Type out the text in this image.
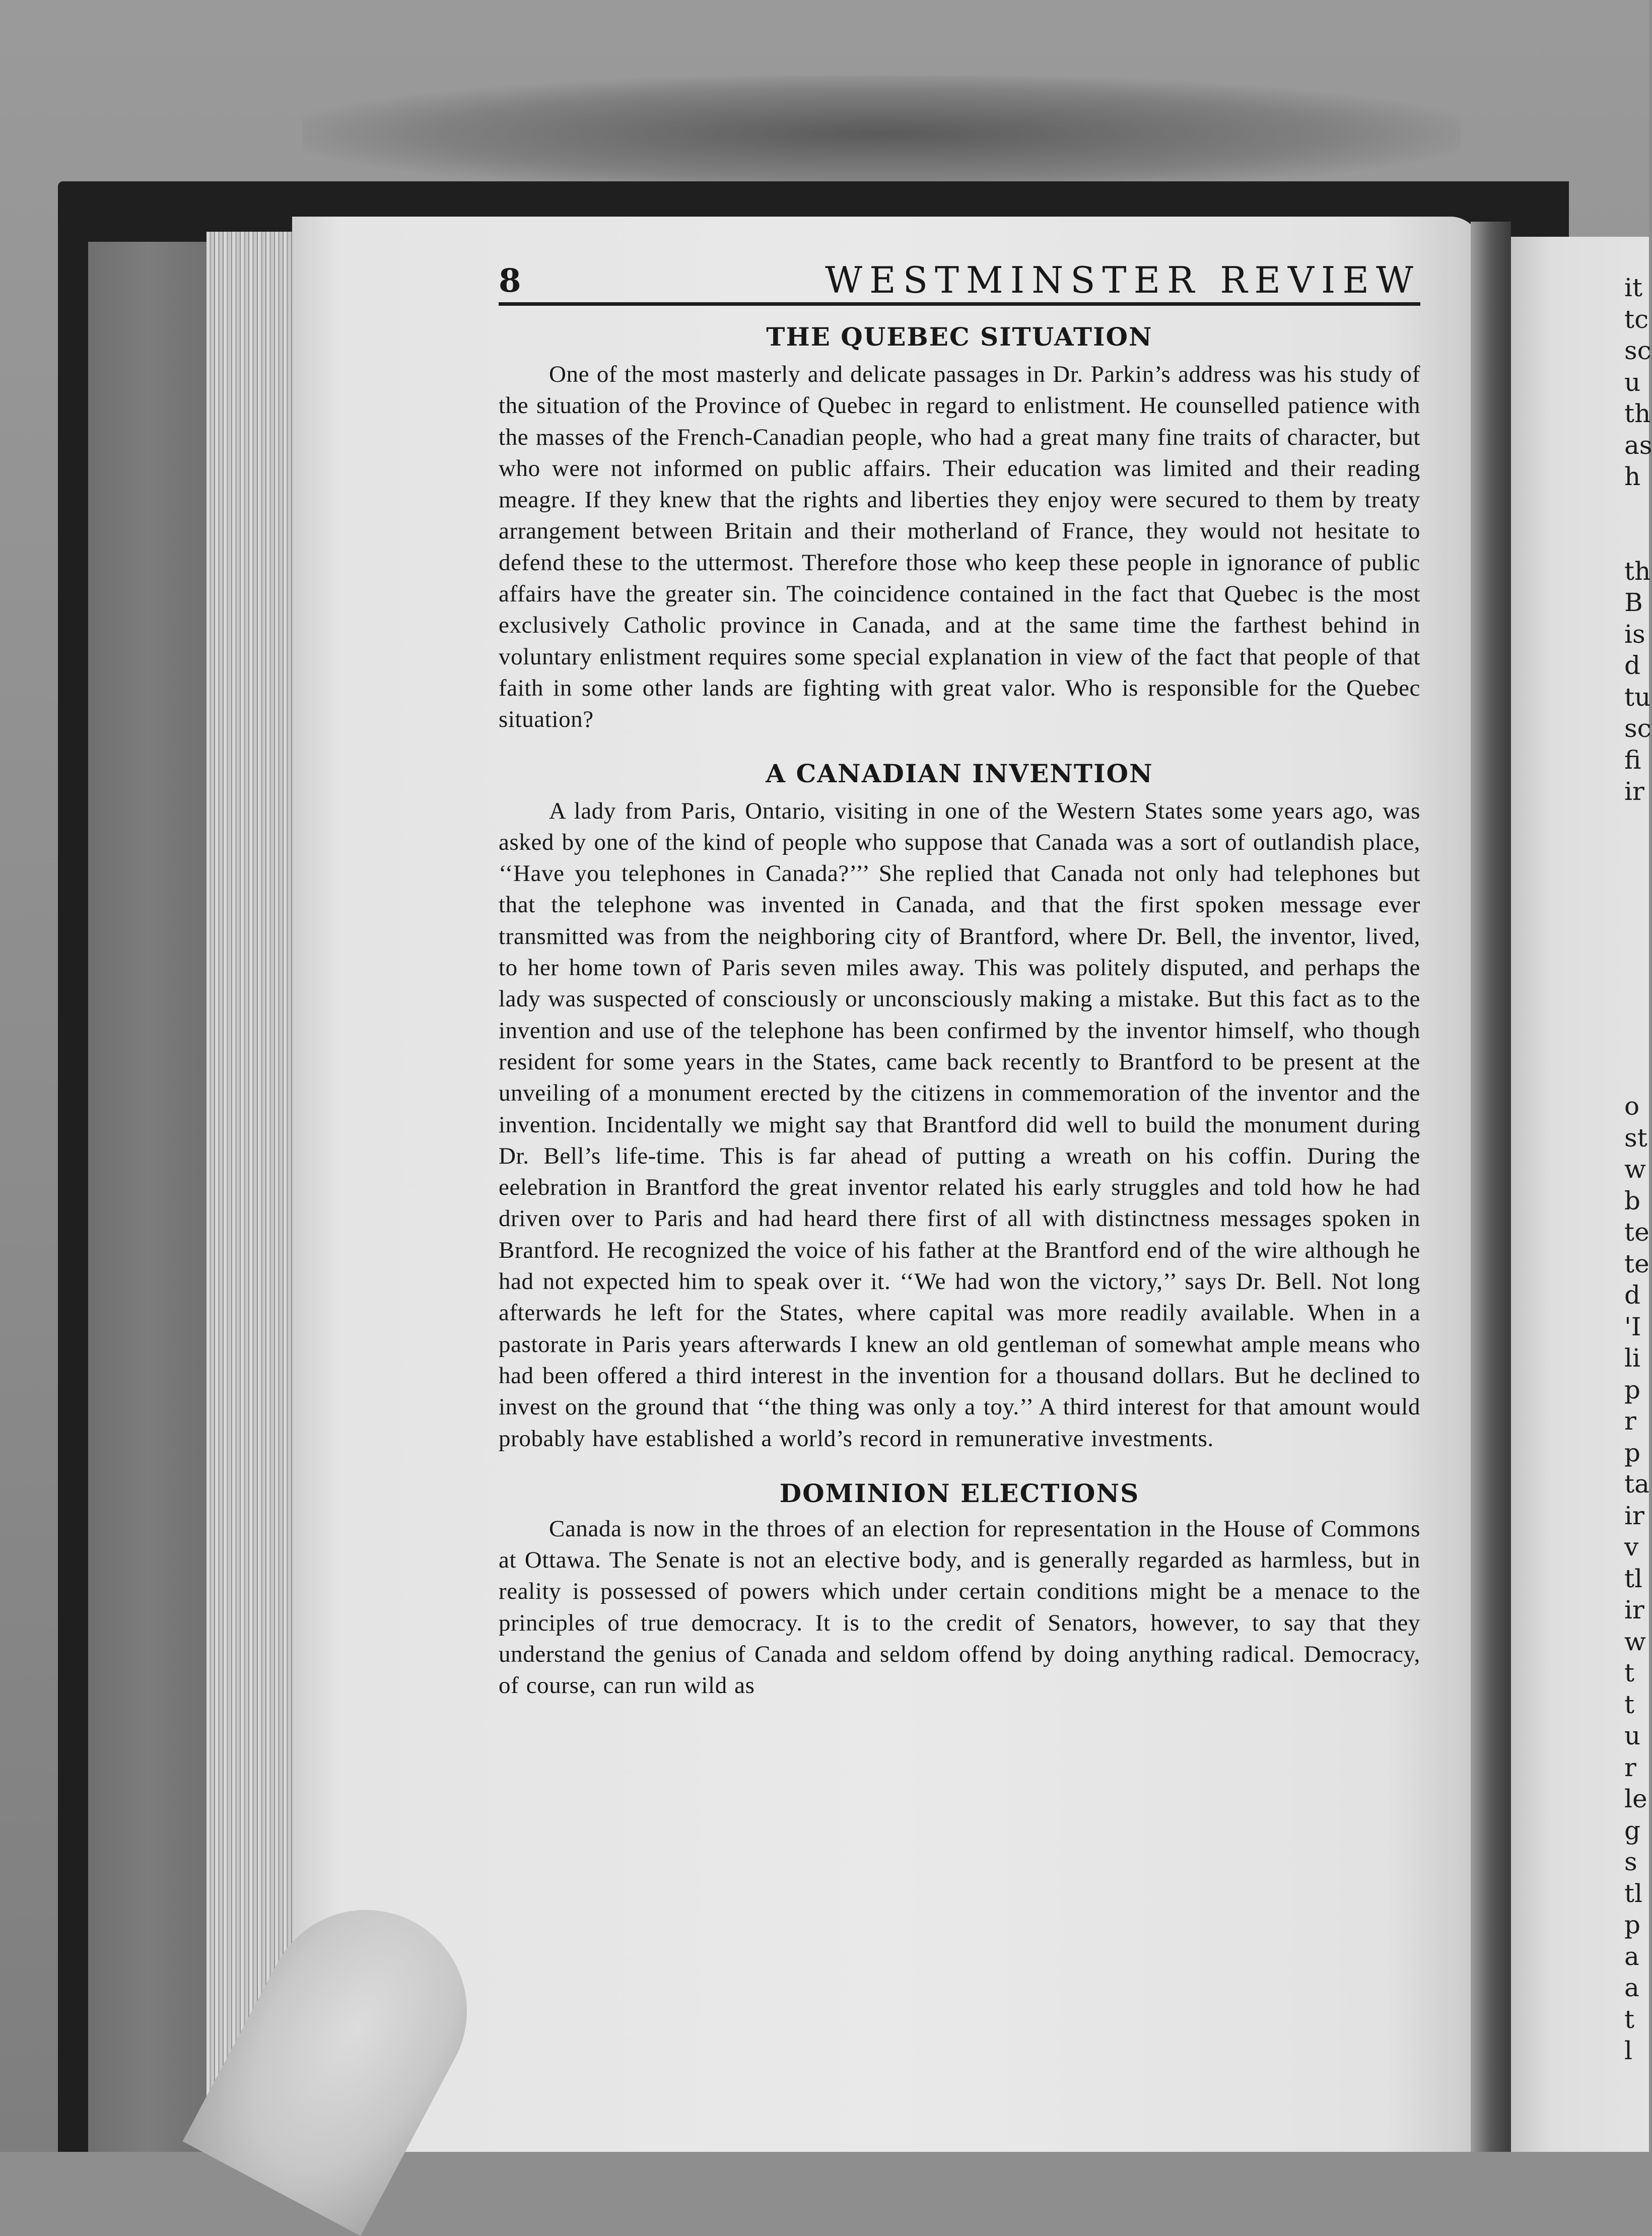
it
tc
sc
u
th
as
h

th
B
is
d
tu
sc
fi
ir

o
st
w
b
te
te
d
'I
li
p
r
p
ta
ir
v
tl
ir
w
t
t
u
r
le
g
s
tl
p
a
a
t
l
8	WESTMINSTER REVIEW
THE QUEBEC SITUATION

One of the most masterly and delicate passages in Dr. Parkin’s address was his study of the situation of the Province of Quebec in regard to enlistment. He counselled patience with the masses of the French-Canadian people, who had a great many fine traits of character, but who were not informed on public affairs. Their education was limited and their reading meagre. If they knew that the rights and liberties they enjoy were secured to them by treaty arrangement between Britain and their motherland of France, they would not hesitate to defend these to the uttermost. Therefore those who keep these people in ignorance of public affairs have the greater sin. The coincidence contained in the fact that Quebec is the most exclusively Catholic province in Canada, and at the same time the farthest behind in voluntary enlistment requires some special explanation in view of the fact that people of that faith in some other lands are fighting with great valor. Who is responsible for the Quebec situation?

A CANADIAN INVENTION

A lady from Paris, Ontario, visiting in one of the Western States some years ago, was asked by one of the kind of people who suppose that Canada was a sort of outlandish place, ‘‘Have you telephones in Canada?’’’ She replied that Canada not only had telephones but that the telephone was invented in Canada, and that the first spoken message ever transmitted was from the neighboring city of Brantford, where Dr. Bell, the inventor, lived, to her home town of Paris seven miles away. This was politely disputed, and perhaps the lady was suspected of consciously or unconsciously making a mistake. But this fact as to the invention and use of the telephone has been confirmed by the inventor himself, who though resident for some years in the States, came back recently to Brantford to be present at the unveiling of a monument erected by the citizens in commemoration of the inventor and the invention. Incidentally we might say that Brantford did well to build the monument during Dr. Bell’s life-time. This is far ahead of putting a wreath on his coffin. During the eelebration in Brantford the great inventor related his early struggles and told how he had driven over to Paris and had heard there first of all with distinctness messages spoken in Brantford. He recognized the voice of his father at the Brantford end of the wire although he had not expected him to speak over it. ‘‘We had won the victory,’’ says Dr. Bell. Not long afterwards he left for the States, where capital was more readily available. When in a pastorate in Paris years afterwards I knew an old gentleman of somewhat ample means who had been offered a third interest in the invention for a thousand dollars. But he declined to invest on the ground that ‘‘the thing was only a toy.’’ A third interest for that amount would probably have established a world’s record in remunerative investments.

DOMINION ELECTIONS

Canada is now in the throes of an election for representation in the House of Commons at Ottawa. The Senate is not an elective body, and is generally regarded as harmless, but in reality is possessed of powers which under certain conditions might be a menace to the principles of true democracy. It is to the credit of Senators, however, to say that they understand the genius of Canada and seldom offend by doing anything radical. Democracy, of course, can run wild as
